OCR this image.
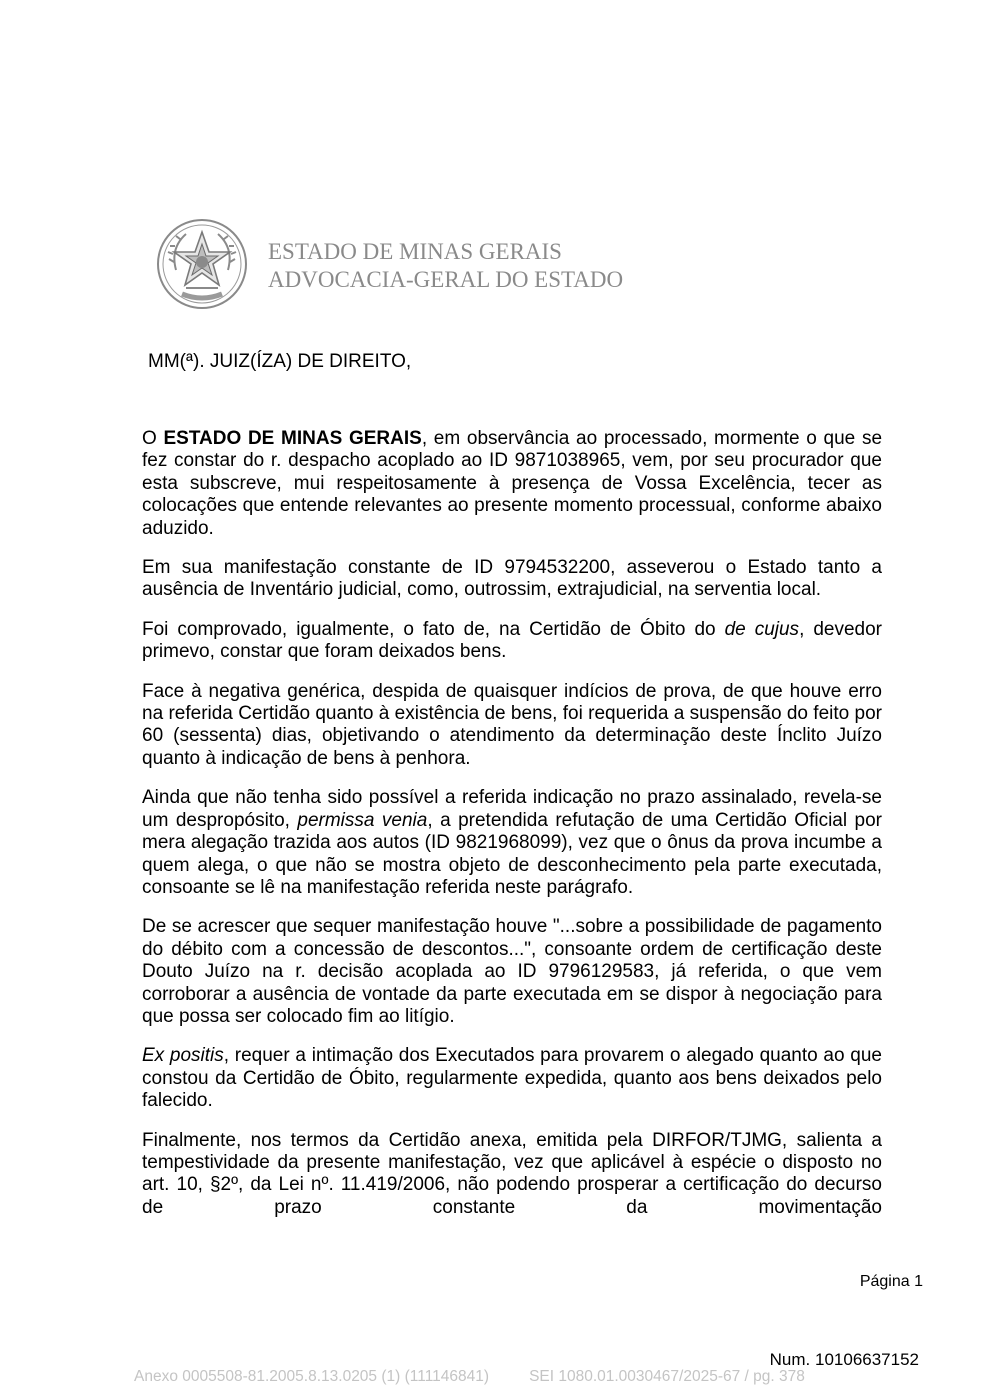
ESTADO DE MINAS GERAIS
ADVOCACIA-GERAL DO ESTADO
MM(ª). JUIZ(ÍZA) DE DIREITO,

O ESTADO DE MINAS GERAIS, em observância ao processado, mormente o que se fez constar do r. despacho acoplado ao ID 9871038965, vem, por seu procurador que esta subscreve, mui respeitosamente à presença de Vossa Excelência, tecer as colocações que entende relevantes ao presente momento processual, conforme abaixo aduzido.

Em sua manifestação constante de ID 9794532200, asseverou o Estado tanto a ausência de Inventário judicial, como, outrossim, extrajudicial, na serventia local.

Foi comprovado, igualmente, o fato de, na Certidão de Óbito do de cujus, devedor primevo, constar que foram deixados bens.

Face à negativa genérica, despida de quaisquer indícios de prova, de que houve erro na referida Certidão quanto à existência de bens, foi requerida a suspensão do feito por 60 (sessenta) dias, objetivando o atendimento da determinação deste Ínclito Juízo quanto à indicação de bens à penhora.

Ainda que não tenha sido possível a referida indicação no prazo assinalado, revela-se um despropósito, permissa venia, a pretendida refutação de uma Certidão Oficial por mera alegação trazida aos autos (ID 9821968099), vez que o ônus da prova incumbe a quem alega, o que não se mostra objeto de desconhecimento pela parte executada, consoante se lê na manifestação referida neste parágrafo.

De se acrescer que sequer manifestação houve "...sobre a possibilidade de pagamento do débito com a concessão de descontos...", consoante ordem de certificação deste Douto Juízo na r. decisão acoplada ao ID 9796129583, já referida, o que vem corroborar a ausência de vontade da parte executada em se dispor à negociação para que possa ser colocado fim ao litígio.

Ex positis, requer a intimação dos Executados para provarem o alegado quanto ao que constou da Certidão de Óbito, regularmente expedida, quanto aos bens deixados pelo falecido.

Finalmente, nos termos da Certidão anexa, emitida pela DIRFOR/TJMG, salienta a tempestividade da presente manifestação, vez que aplicável à espécie o disposto no art. 10, §2º, da Lei nº. 11.419/2006, não podendo prosperar a certificação do decurso de prazo constante da movimentação

Página 1
Num. 10106637152
Anexo 0005508-81.2005.8.13.0205 (1) (111146841)	SEI 1080.01.0030467/2025-67 / pg. 378
